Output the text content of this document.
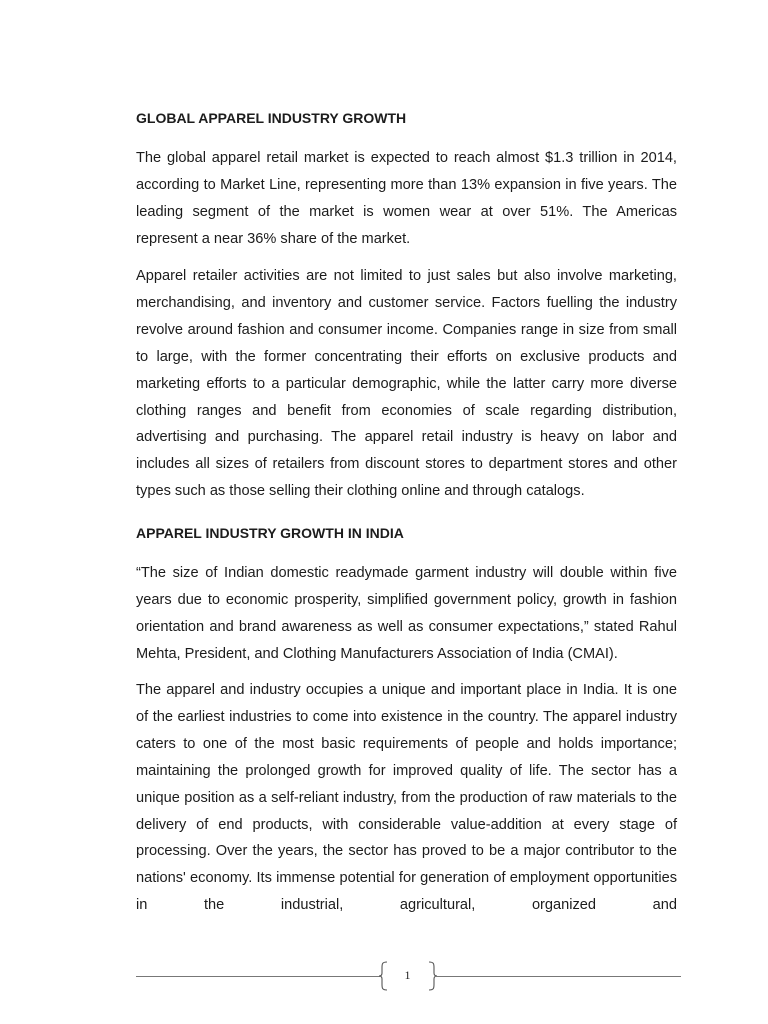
GLOBAL APPAREL INDUSTRY GROWTH

The global apparel retail market is expected to reach almost $1.3 trillion in 2014, according to Market Line, representing more than 13% expansion in five years. The leading segment of the market is women wear at over 51%. The Americas represent a near 36% share of the market.

Apparel retailer activities are not limited to just sales but also involve marketing, merchandising, and inventory and customer service. Factors fuelling the industry revolve around fashion and consumer income. Companies range in size from small to large, with the former concentrating their efforts on exclusive products and marketing efforts to a particular demographic, while the latter carry more diverse clothing ranges and benefit from economies of scale regarding distribution, advertising and purchasing. The apparel retail industry is heavy on labor and includes all sizes of retailers from discount stores to department stores and other types such as those selling their clothing online and through catalogs.

APPAREL INDUSTRY GROWTH IN INDIA

“The size of Indian domestic readymade garment industry will double within five years due to economic prosperity, simplified government policy, growth in fashion orientation and brand awareness as well as consumer expectations,” stated Rahul Mehta, President, and Clothing Manufacturers Association of India (CMAI).

The apparel and industry occupies a unique and important place in India. It is one of the earliest industries to come into existence in the country. The apparel industry caters to one of the most basic requirements of people and holds importance; maintaining the prolonged growth for improved quality of life. The sector has a unique position as a self-reliant industry, from the production of raw materials to the delivery of end products, with considerable value-addition at every stage of processing. Over the years, the sector has proved to be a major contributor to the nations' economy. Its immense potential for generation of employment opportunities in the industrial, agricultural, organized and

1
